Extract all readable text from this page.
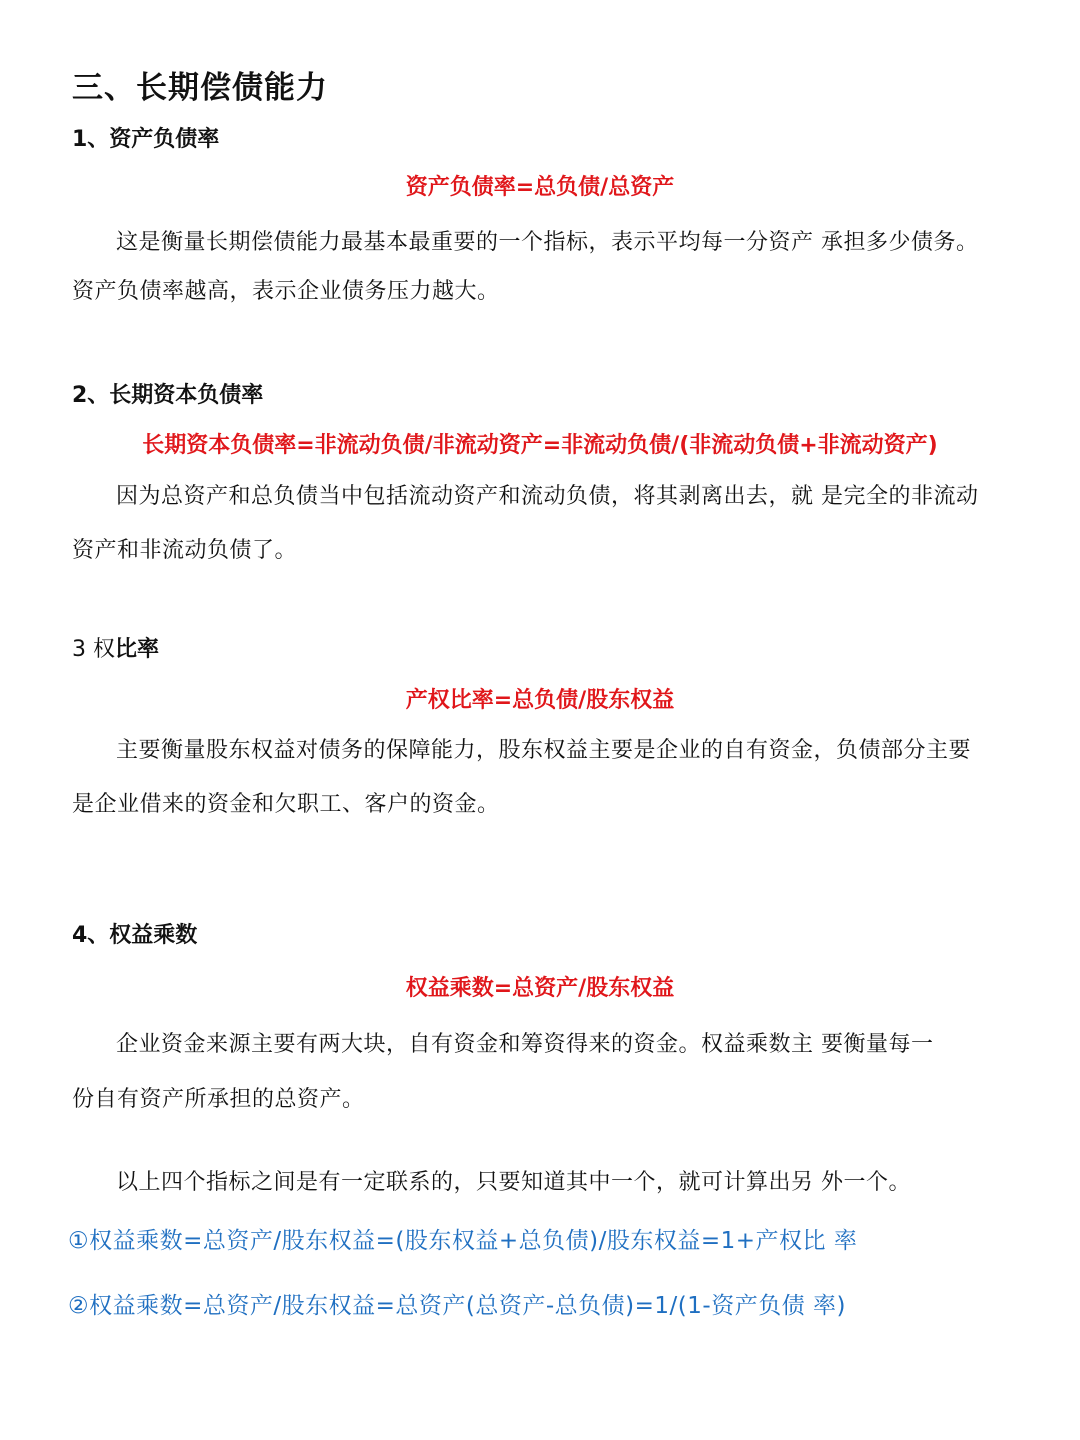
三、长期偿债能力
1、资产负债率
资产负债率=总负债/总资产
这是衡量长期偿债能力最基本最重要的一个指标，表示平均每一分资产 承担多少债务。
资产负债率越高，表示企业债务压力越大。
2、长期资本负债率
长期资本负债率=非流动负债/非流动资产=非流动负债/(非流动负债+非流动资产)
因为总资产和总负债当中包括流动资产和流动负债，将其剥离出去，就 是完全的非流动
资产和非流动负债了。
3 权比率
产权比率=总负债/股东权益
主要衡量股东权益对债务的保障能力，股东权益主要是企业的自有资金，负债部分主要
是企业借来的资金和欠职工、客户的资金。
4、权益乘数
权益乘数=总资产/股东权益
企业资金来源主要有两大块，自有资金和筹资得来的资金。权益乘数主 要衡量每一
份自有资产所承担的总资产。
以上四个指标之间是有一定联系的，只要知道其中一个，就可计算出另 外一个。
①权益乘数=总资产/股东权益=(股东权益+总负债)/股东权益=1+产权比 率
②权益乘数=总资产/股东权益=总资产(总资产-总负债)=1/(1-资产负债 率)
